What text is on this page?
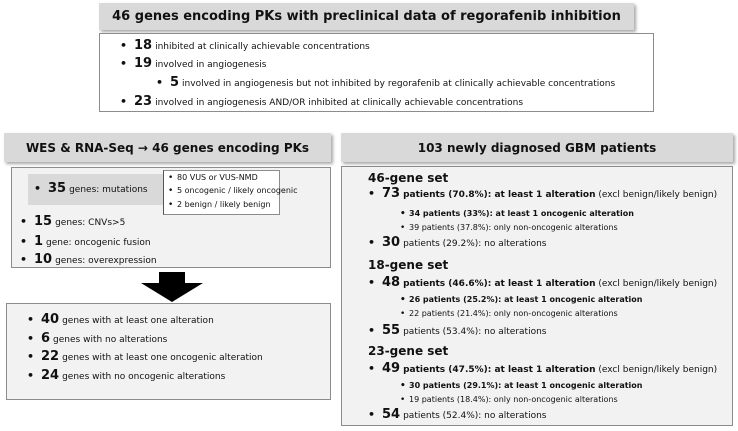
46 genes encoding PKs with preclinical data of regorafenib inhibition
• 18 inhibited at clinically achievable concentrations
• 19 involved in angiogenesis
• 5 involved in angiogenesis but not inhibited by regorafenib at clinically achievable concentrations
• 23 involved in angiogenesis AND/OR inhibited at clinically achievable concentrations
WES & RNA-Seq → 46 genes encoding PKs
• 35 genes: mutations
• 80 VUS or VUS-NMD
• 5 oncogenic / likely oncogenic
• 2 benign / likely benign
• 15 genes: CNVs>5
• 1 gene: oncogenic fusion
• 10 genes: overexpression
• 40 genes with at least one alteration
• 6 genes with no alterations
• 22 genes with at least one oncogenic alteration
• 24 genes with no oncogenic alterations
103 newly diagnosed GBM patients
46-gene set
• 73 patients (70.8%): at least 1 alteration (excl benign/likely benign)
• 34 patients (33%): at least 1 oncogenic alteration
• 39 patients (37.8%): only non-oncogenic alterations
• 30 patients (29.2%): no alterations
18-gene set
• 48 patients (46.6%): at least 1 alteration (excl benign/likely benign)
• 26 patients (25.2%): at least 1 oncogenic alteration
• 22 patients (21.4%): only non-oncogenic alterations
• 55 patients (53.4%): no alterations
23-gene set
• 49 patients (47.5%): at least 1 alteration (excl benign/likely benign)
• 30 patients (29.1%): at least 1 oncogenic alteration
• 19 patients (18.4%): only non-oncogenic alterations
• 54 patients (52.4%): no alterations
